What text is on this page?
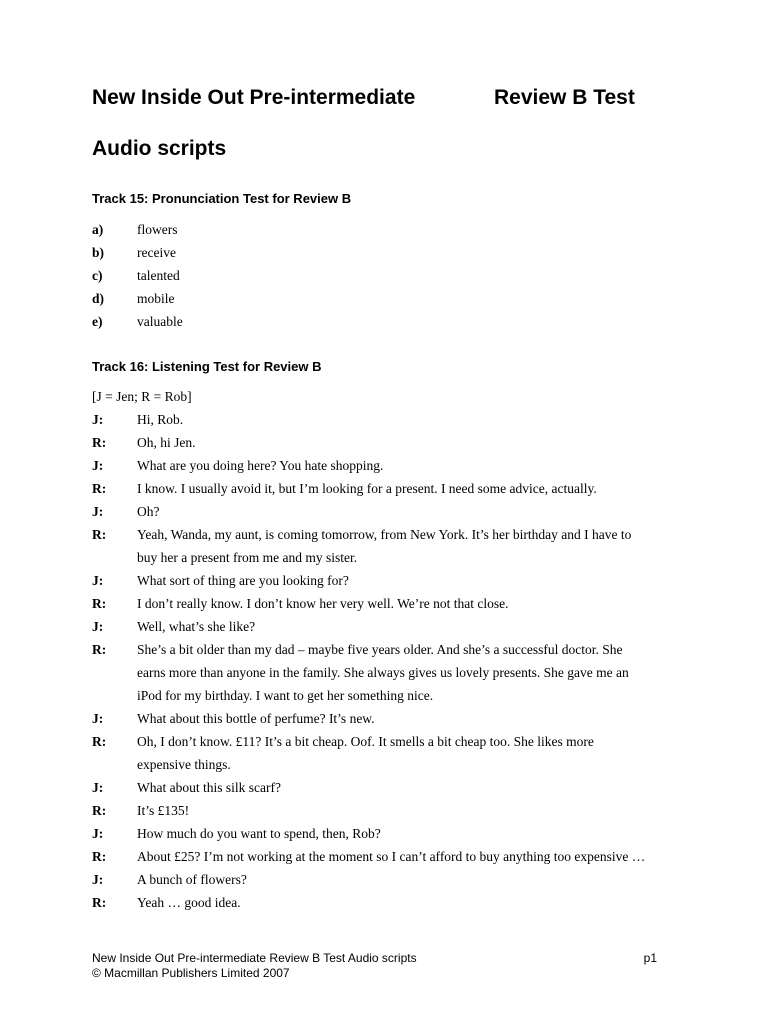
New Inside Out Pre-intermediate	Review B Test
Audio scripts
Track 15: Pronunciation Test for Review B
a)	flowers
b) receive
c)	talented
d) mobile
e)	valuable
Track 16: Listening Test for Review B
[J = Jen; R = Rob]
J:	Hi, Rob.
R: Oh, hi Jen.
J:	What are you doing here? You hate shopping.
R: I know. I usually avoid it, but I’m looking for a present. I need some advice, actually.
J:	Oh?
R: Yeah, Wanda, my aunt, is coming tomorrow, from New York. It’s her birthday and I have to
buy her a present from me and my sister.
J:	What sort of thing are you looking for?
R: I don’t really know. I don’t know her very well. We’re not that close.
J:	Well, what’s she like?
R: She’s a bit older than my dad – maybe five years older. And she’s a successful doctor. She
earns more than anyone in the family. She always gives us lovely presents. She gave me an
iPod for my birthday. I want to get her something nice.
J:	What about this bottle of perfume? It’s new.
R: Oh, I don’t know. £11? It’s a bit cheap. Oof. It smells a bit cheap too. She likes more
expensive things.
J:	What about this silk scarf?
R: It’s £135!
J:	How much do you want to spend, then, Rob?
R: About £25? I’m not working at the moment so I can’t afford to buy anything too expensive …
J:	A bunch of flowers?
R: Yeah … good idea.
New Inside Out Pre-intermediate Review B Test Audio scripts
© Macmillan Publishers Limited 2007
p1
